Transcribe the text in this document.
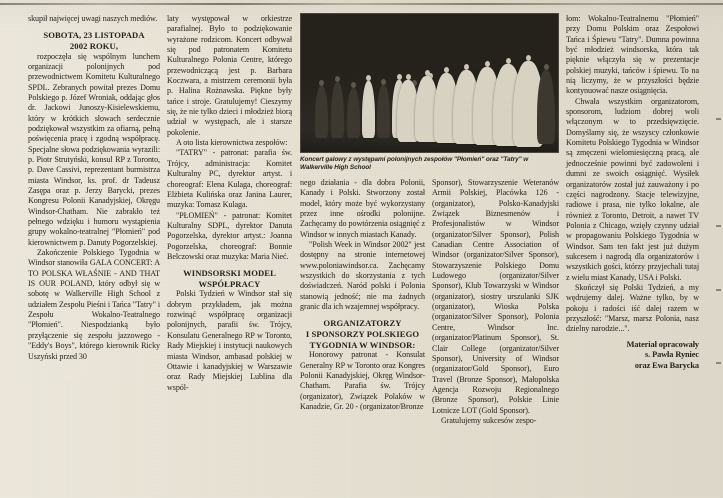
skupił najwięcej uwagi naszych mediów.

SOBOTA, 23 LISTOPADA
2002 ROKU,

rozpoczęła się wspólnym lunchem organizacji polonijnych pod przewodnictwem Komitetu Kulturalnego SPDL. Zebranych powitał prezes Domu Polskiego p. Józef Wroniak, oddając głos dr. Jackowi Junoszy-Kisielewskiemu, który w krótkich słowach serdecznie podziękował wszystkim za ofiarną, pełną poświęcenia pracę i zgodną współpracę. Specjalne słowa podziękowania wyrazili: p. Piotr Strutyński, konsul RP z Toronto, p. Dave Cassivi, reprezentant burmistrza miasta Windsor, ks. prof. dr Tadeusz Zasępa oraz p. Jerzy Barycki, prezes Kongresu Polonii Kanadyjskiej, Okręgu Windsor-Chatham. Nie zabrakło też pełnego wdzięku i humoru wystąpienia grupy wokalno-teatralnej "Płomień" pod kierownictwem p. Danuty Pogorzelskiej.

Zakończenie Polskiego Tygodnia w Windsor stanowiła GALA CONCERT: A TO POLSKA WŁAŚNIE - AND THAT IS OUR POLAND, który odbył się w sobotę w Walkerville High School z udziałem Zespołu Pieśni i Tańca "Tatry" i Zespołu Wokalno-Teatralnego "Płomień". Niespodzianką było przyłączenie się zespołu jazzowego - "Eddy's Boys", którego kierownik Ricky Uszyński przed 30

laty występował w orkiestrze parafialnej. Było to podziękowanie wyrażone rodzicom. Koncert odbywał się pod patronatem Komitetu Kulturalnego Polonia Centre, którego przewodniczącą jest p. Barbara Koczwara, a mistrzem ceremonii była p. Halina Rożnawska. Piękne były tańce i stroje. Gratulujemy! Cieszymy się, że nie tylko dzieci i młodzież biorą udział w występach, ale i starsze pokolenie.

A oto lista kierownictwa zespołów:

"TATRY" - patronat: parafia św. Trójcy, administracja: Komitet Kulturalny PC, dyrektor artyst. i choreograf: Elena Kulaga, choreograf: Elżbieta Kulińska oraz Janina Laurer, muzyka: Tomasz Kulaga.

"PŁOMIEŃ" - patronat: Komitet Kulturalny SDPL, dyrektor Danuta Pogorzelska, dyrektor artyst.: Joanna Pogorzelska, choreograf: Bonnie Belczowski oraz muzyka: Maria Nieć.

WINDSORSKI MODEL
WSPÓŁPRACY

Polski Tydzień w Windsor stał się dobrym przykładem, jak można rozwinąć współpracę organizacji polonijnych, parafii św. Trójcy, Konsulatu Generalnego RP w Toronto, Rady Miejskiej i instytucji naukowych miasta Windsor, ambasad polskiej w Ottawie i kanadyjskiej w Warszawie oraz Rady Miejskiej Lublina dla wspól-

Koncert galowy z występami polonijnych zespołów "Płomień" oraz "Tatry" w Walkerville High School

nego działania - dla dobra Polonii, Kanady i Polski. Stworzony został model, który może być wykorzystany przez inne ośrodki polonijne. Zachęcamy do powtórzenia osiągnięć z Windsor w innych miastach Kanady.

"Polish Week in Windsor 2002" jest dostępny na stronie internetowej www.poloniawindsor.ca. Zachęcamy wszystkich do skorzystania z tych doświadczeń. Naród polski i Polonia stanowią jedność; nie ma żadnych granic dla ich wzajemnej współpracy.

ORGANIZATORZY
I SPONSORZY POLSKIEGO
TYGODNIA W WINDSOR:

Honorowy patronat - Konsulat Generalny RP w Toronto oraz Kongres Polonii Kanadyjskiej, Okręg Windsor-Chatham. Parafia św. Trójcy (organizator), Związek Polaków w Kanadzie, Gr. 20 - (organizator/Bronze

Sponsor), Stowarzyszenie Weteranów Armii Polskiej, Placówka 126 - (organizator), Polsko-Kanadyjski Związek Biznesmenów i Profesjonalistów w Windsor (organizator/Silver Sponsor), Polish Canadian Centre Association of Windsor (organizator/Silver Sponsor), Stowarzyszenie Polskiego Domu Ludowego (organizator/Silver Sponsor), Klub Towarzyski w Windsor (organizator), siostry urszulanki SJK (organizator), Wioska Polska (organizator/Silver Sponsor), Polonia Centre, Windsor Inc. (organizator/Platinum Sponsor), St. Clair College (organizator/Silver Sponsor), University of Windsor (organizator/Gold Sponsor), Euro Travel (Bronze Sponsor), Małopolska Agencja Rozwoju Regionalnego (Bronze Sponsor), Polskie Linie Lotnicze LOT (Gold Sponsor).

Gratulujemy sukcesów zespo-

łom: Wokalno-Teatralnemu "Płomień" przy Domu Polskim oraz Zespołowi Tańca i Śpiewu "Tatry". Dumna powinna być młodzież windsorska, która tak pięknie włączyła się w prezentacje polskiej muzyki, tańców i śpiewu. To na nią liczymy, że w przyszłości będzie kontynuować nasze osiągnięcia.

Chwała wszystkim organizatorom, sponsorom, ludziom dobrej woli włączonym w to przedsięwzięcie. Domyślamy się, że wszyscy członkowie Komitetu Polskiego Tygodnia w Windsor są zmęczeni wielomiesięczną pracą, ale jednocześnie powinni być zadowoleni i dumni ze swoich osiągnięć. Wysiłek organizatorów został już zauważony i po części nagrodzony. Stacje telewizyjne, radiowe i prasa, nie tylko lokalne, ale również z Toronto, Detroit, a nawet TV Polonia z Chicago, wzięły czynny udział w propagowaniu Polskiego Tygodnia w Windsor. Sam ten fakt jest już dużym sukcesem i nagrodą dla organizatorów i wszystkich gości, którzy przyjechali tutaj z wielu miast Kanady, USA i Polski.

Skończył się Polski Tydzień, a my wędrujemy dalej. Ważne tylko, by w pokoju i radości iść dalej razem w przyszłość: "Marsz, marsz Polonia, nasz dzielny narodzie...".

Materiał opracowały
s. Pawła Ryniec
oraz Ewa Barycka
